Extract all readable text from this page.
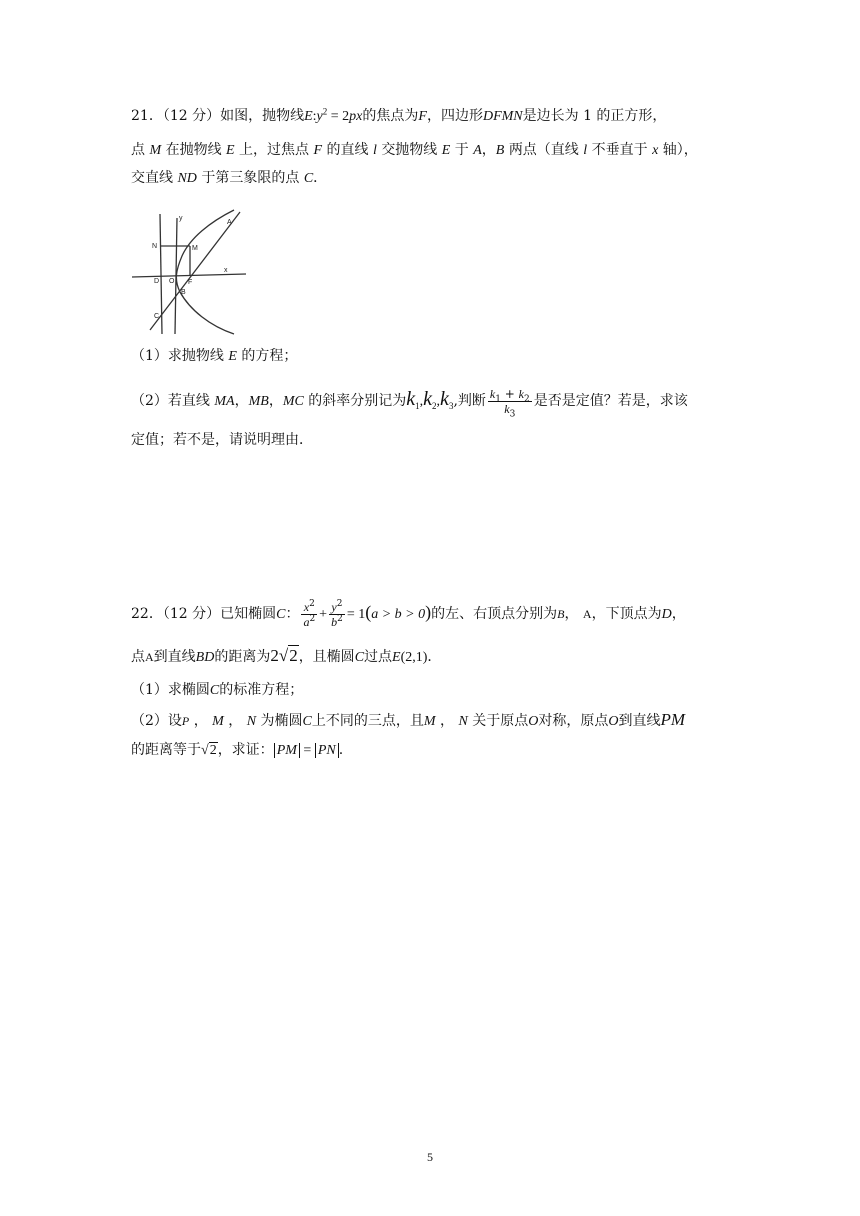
21．（12 分）如图，抛物线$E:y^2 = 2px$的焦点为F，四边形DFMN是边长为 1 的正方形，
点 M 在抛物线 E 上，过焦点 F 的直线 l 交抛物线 E 于 A，B 两点（直线 l 不垂直于 x 轴），
交直线 ND 于第三象限的点 C．
y
x
A
N	M
D O F
B
C
（1）求抛物线 E 的方程；
（2）若直线 MA，MB，MC 的斜率分别记为$k_1,k_2,k_3$,判断 $\frac{k_1 + k_2}{k_3}$ 是否是定值？若是，求该
定值；若不是，请说明理由．
22．（12 分）已知椭圆C： $\frac{x^2}{a^2} + \frac{y^2}{b^2} = 1(a > b > 0)$的左、右顶点分别为B， A，下顶点为D，
点A到直线BD的距离为2√2，且椭圆C过点E(2,1)．
（1）求椭圆C的标准方程；
（2）设P ， M ， N 为椭圆C上不同的三点，且M ， N 关于原点O对称，原点O到直线PM
的距离等于√2，求证： PM = PN .
5
